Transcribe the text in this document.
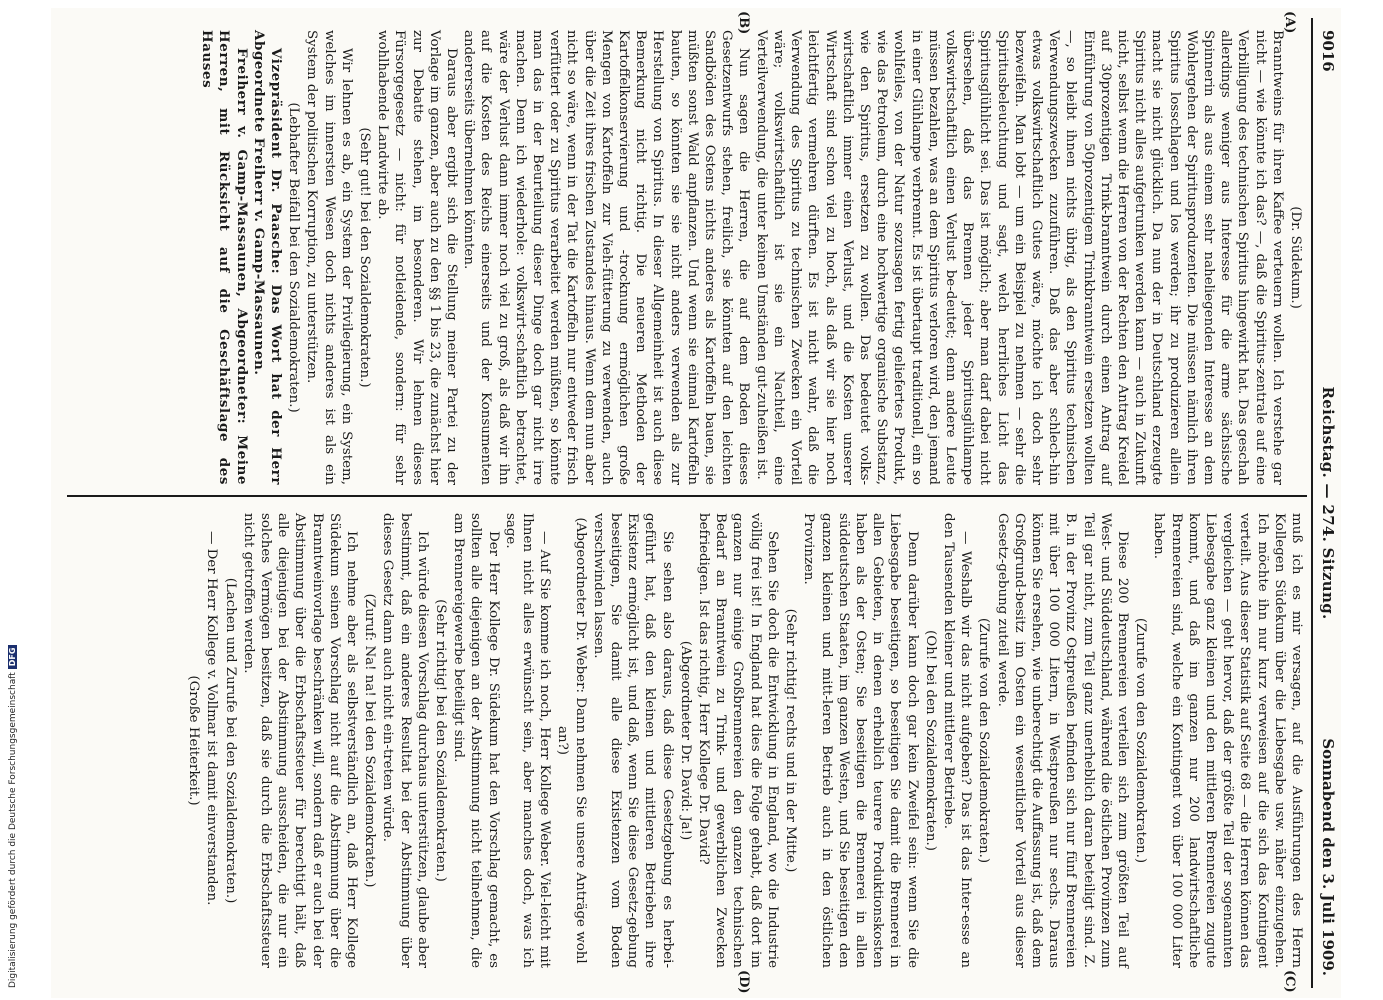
9016
Reichstag. — 274. Sitzung.
Sonnabend den 3. Juli 1909.
(A)
(B)
(C)
(D)

(Dr. Südekum.)

Branntweins für ihren Kaffee verteuern wollen. Ich verstehe gar nicht — wie könnte ich das? —, daß die Spiritus-zentrale auf eine Verbilligung des technischen Spiritus hingewirkt hat. Das geschah allerdings weniger aus Interesse für die arme sächsische Spinnerin als aus einem sehr naheliegenden Interesse an dem Wohlergehen der Spiritusproduzenten. Die müssen nämlich ihren Spiritus losschlagen und los werden; ihr zu produzieren allein macht sie nicht glücklich. Da nun der in Deutschland erzeugte Spiritus nicht alles aufgetrunken werden kann — auch in Zukunft nicht, selbst wenn die Herren von der Rechten den Antrag Kreidel auf 30prozentigen Trink-branntwein durch einen Antrag auf Einführung von 50prozentigem Trinkbranntwein ersetzen wollten —, so bleibt ihnen nichts übrig, als den Spiritus technischen Verwendungszwecken zuzuführen. Daß das aber schlech-hin etwas volkswirtschaftlich Gutes wäre, möchte ich doch sehr bezweifeln. Man lobt — um ein Beispiel zu nehmen — sehr die Spiritusbeleuchtung und sagt, welch herrliches Licht das Spiritusglühlicht sei. Das ist möglich; aber man darf dabei nicht übersehen, daß das Brennen jeder Spiritusglühlampe volkswirtschaftlich einen Verlust be-deutet; denn andere Leute müssen bezahlen, was an dem Spiritus verloren wird, den jemand in einer Glühlampe verbrennt. Es ist übertaupt traditionell, ein so wohlfeiles, von der Natur sozusagen fertig geliefertes Produkt, wie das Petroleum, durch eine hochwertige organische Substanz, wie den Spiritus, ersetzen zu wollen. Das bedeutet volks-wirtschaftlich immer einen Verlust, und die Kosten unserer Wirtschaft sind schon viel zu hoch, als daß wir sie hier noch leichtfertig vermehren dürften. Es ist nicht wahr, daß die Verwendung des Spiritus zu technischen Zwecken ein Vorteil wäre; volkswirtschaftlich ist sie ein Nachteil, eine Verteilverwendung, die unter keinen Umständen gut-zuheißen ist.

Nun sagen die Herren, die auf dem Boden dieses Gesetzentwurfs stehen, freilich, sie könnten auf den leichten Sandböden des Ostens nichts anderes als Kartoffeln bauen, sie müßten sonst Wald anpflanzen. Und wenn sie einmal Kartoffeln bauten, so könnten sie sie nicht anders verwenden als zur Herstellung von Spiritus. In dieser Allgemeinheit ist auch diese Bemerkung nicht richtig. Die neueren Methoden der Kartoffelkonservierung und -trocknung ermöglichen große Mengen von Kartoffeln zur Vieh-fütterung zu verwenden, auch über die Zeit ihres frischen Zustandes hinaus. Wenn dem nun aber nicht so wäre, wenn in der Tat die Kartoffeln nur entweder frisch verfüttert oder zu Spiritus verarbeitet werden müßten, so könnte man das in der Beurteilung dieser Dinge doch gar nicht irre machen. Denn ich wiederhole: volkswirt-schaftlich betrachtet, wäre der Verlust dann immer noch viel zu groß, als daß wir ihn auf die Kosten des Reichs einerseits und der Konsumenten andererseits übernehmen könnten.

Daraus aber ergibt sich die Stellung meiner Partei zu der Vorlage im ganzen, aber auch zu den §§ 1 bis 23, die zunächst hier zur Debatte stehen, im besonderen. Wir lehnen dieses Fürsorgegesetz — nicht: für notleidende, sondern: für sehr wohlhabende Landwirte ab.

(Sehr gut! bei den Sozialdemokraten.)

Wir lehnen es ab, ein System der Privilegierung, ein System, welches im innersten Wesen doch nichts anderes ist als ein System der politischen Korruption, zu unterstützen.

(Lebhafter Beifall bei den Sozialdemokraten.)

Vizepräsident Dr. Paasche: Das Wort hat der Herr Abgeordnete Freiherr v. Gamp-Massaunen.

Freiherr v. Gamp-Massaunen, Abgeordneter: Meine Herren, mit Rücksicht auf die Geschäftslage des Hauses

muß ich es mir versagen, auf die Ausführungen des Herrn Kollegen Südekum über die Liebesgabe usw. näher einzugehen. Ich möchte ihn nur kurz verweisen auf die sich das Kontingent verteilt. Aus dieser Statistik auf Seite 68 — die Herren können das vergleichen — geht hervor, daß der größte Teil der sogenannten Liebesgabe ganz kleinen und den mittleren Brennereien zugute kommt, und daß im ganzen nur 200 landwirtschaftliche Brennereien sind, welche ein Kontingent von über 100 000 Liter haben.

(Zurufe von den Sozialdemokraten.)

Diese 200 Brennereien verteilen sich zum größten Teil auf West- und Süddeutschland, während die östlichen Provinzen zum Teil gar nicht, zum Teil ganz unerheblich daran beteiligt sind. Z. B. in der Provinz Ostpreußen befinden sich nur fünf Brennereien mit über 100 000 Litern, in Westpreußen nur sechs. Daraus können Sie ersehen, wie unberechtigt die Auffassung ist, daß dem Großgrund-besitz im Osten ein wesentlicher Vorteil aus dieser Gesetz-gebung zuteil werde.

(Zurufe von den Sozialdemokraten.)

— Weshalb wir das nicht aufgeben? Das ist das Inter-esse an den Tausenden kleiner und mittlerer Betriebe.

(Oh! bei den Sozialdemokraten.)

Denn darüber kann doch gar kein Zweifel sein: wenn Sie die Liebesgabe beseitigen, so beseitigen Sie damit die Brennerei in allen Gebieten, in denen erheblich teurere Produktionskosten haben als der Osten; Sie beseitigen die Brennerei in allen süddeutschen Staaten, im ganzen Westen, und Sie beseitigen den ganzen kleinen und mitt-leren Betrieb auch in den östlichen Provinzen.

(Sehr richtig! rechts und in der Mitte.)

Sehen Sie doch die Entwicklung in England, wo die Industrie völlig frei ist! In England hat dies die Folge gehabt, daß dort im ganzen nur einige Großbrennereien den ganzen technischen Bedarf an Branntwein zu Trink- und gewerblichen Zwecken befriedigen. Ist das richtig, Herr Kollege Dr. David?

(Abgeordneter Dr. David: Ja!)

Sie sehen also daraus, daß diese Gesetzgebung es herbei-geführt hat, daß den kleinen und mittleren Betrieben ihre Existenz ermöglicht ist, und daß, wenn Sie diese Gesetz-gebung beseitigen, Sie damit alle diese Existenzen vom Boden verschwinden lassen.

(Abgeordneter Dr. Weber: Dann nehmen Sie unsere Anträge wohl an?)

— Auf Sie komme ich noch, Herr Kollege Weber. Viel-leicht mit Ihnen nicht alles erwünscht sein, aber manches doch, was ich sage.

Der Herr Kollege Dr. Südekum hat den Vorschlag gemacht, es sollten alle diejenigen an der Abstimmung nicht teilnehmen, die am Brennereigewerbe beteiligt sind.

(Sehr richtig! bei den Sozialdemokraten.)

Ich würde diesen Vorschlag durchaus unterstützen, glaube aber bestimmt, daß ein anderes Resultat bei der Abstimmung über dieses Gesetz dann auch nicht ein-treten würde.

(Zuruf: Na! na! bei den Sozialdemokraten.)

Ich nehme aber als selbstverständlich an, daß Herr Kollege Südekum seinen Vorschlag nicht auf die Abstimmung über die Branntweinvorlage beschränken will, sondern daß er auch bei der Abstimmung über die Erbschaftssteuer für berechtigt hält, daß alle diejenigen bei der Abstimmung ausscheiden, die nur ein solches Vermögen besitzen, daß sie durch die Erbschaftssteuer nicht getroffen werden.

(Lachen und Zurufe bei den Sozialdemokraten.)

— Der Herr Kollege v. Vollmar ist damit einverstanden.

(Große Heiterkeit.)

Digitalisierung gefördert durch die Deutsche ForschungsgemeinschaftDFG
